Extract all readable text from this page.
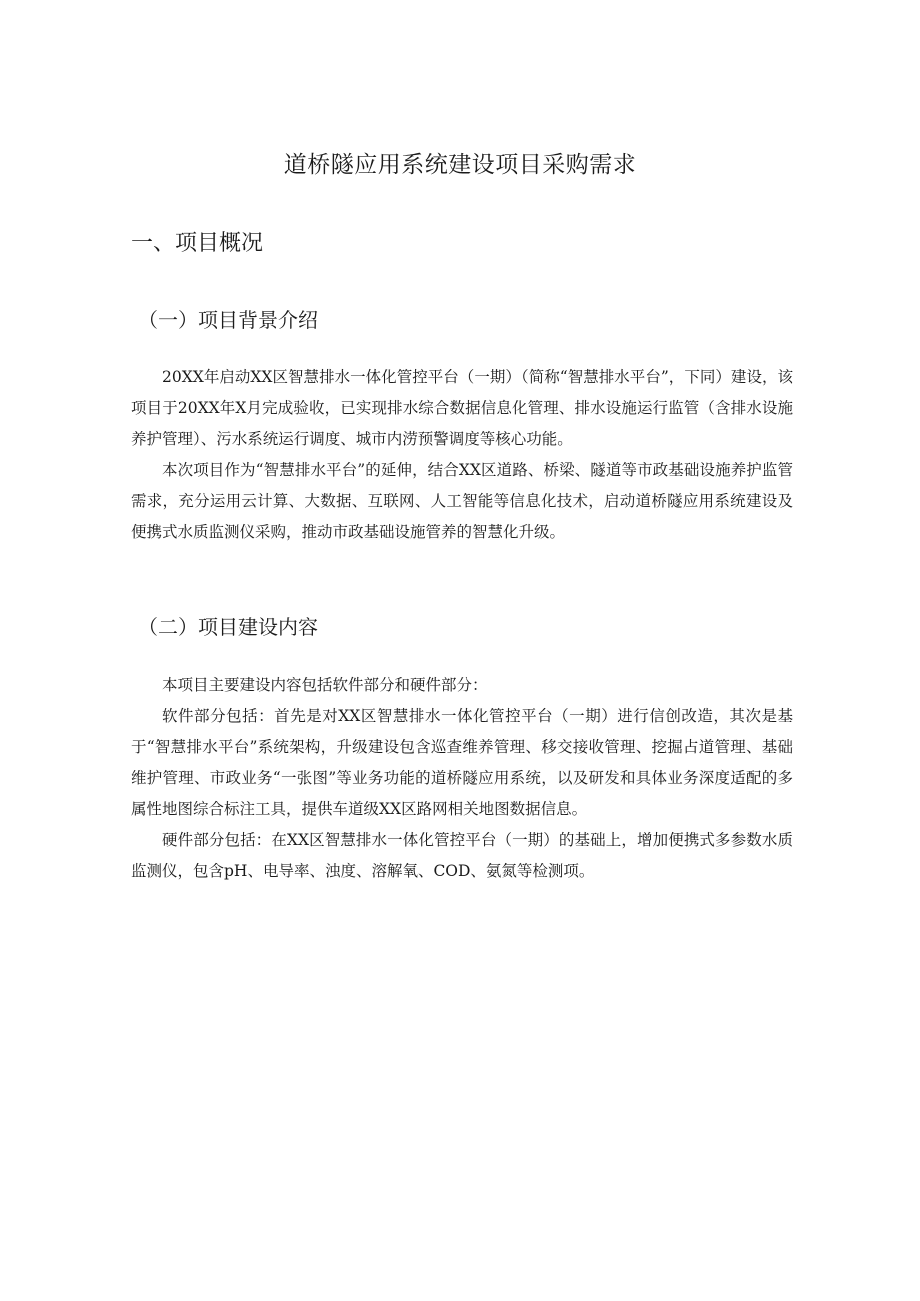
道桥隧应用系统建设项目采购需求
一、项目概况
（一）项目背景介绍

20XX年启动XX区智慧排水一体化管控平台（一期）（简称“智慧排水平台”，下同）建设，该项目于20XX年X月完成验收，已实现排水综合数据信息化管理、排水设施运行监管（含排水设施养护管理）、污水系统运行调度、城市内涝预警调度等核心功能。

本次项目作为“智慧排水平台”的延伸，结合XX区道路、桥梁、隧道等市政基础设施养护监管需求，充分运用云计算、大数据、互联网、人工智能等信息化技术，启动道桥隧应用系统建设及便携式水质监测仪采购，推动市政基础设施管养的智慧化升级。

（二）项目建设内容

本项目主要建设内容包括软件部分和硬件部分：

软件部分包括：首先是对XX区智慧排水一体化管控平台（一期）进行信创改造，其次是基于“智慧排水平台”系统架构，升级建设包含巡查维养管理、移交接收管理、挖掘占道管理、基础维护管理、市政业务“一张图”等业务功能的道桥隧应用系统，以及研发和具体业务深度适配的多属性地图综合标注工具，提供车道级XX区路网相关地图数据信息。

硬件部分包括：在XX区智慧排水一体化管控平台（一期）的基础上，增加便携式多参数水质监测仪，包含pH、电导率、浊度、溶解氧、COD、氨氮等检测项。
